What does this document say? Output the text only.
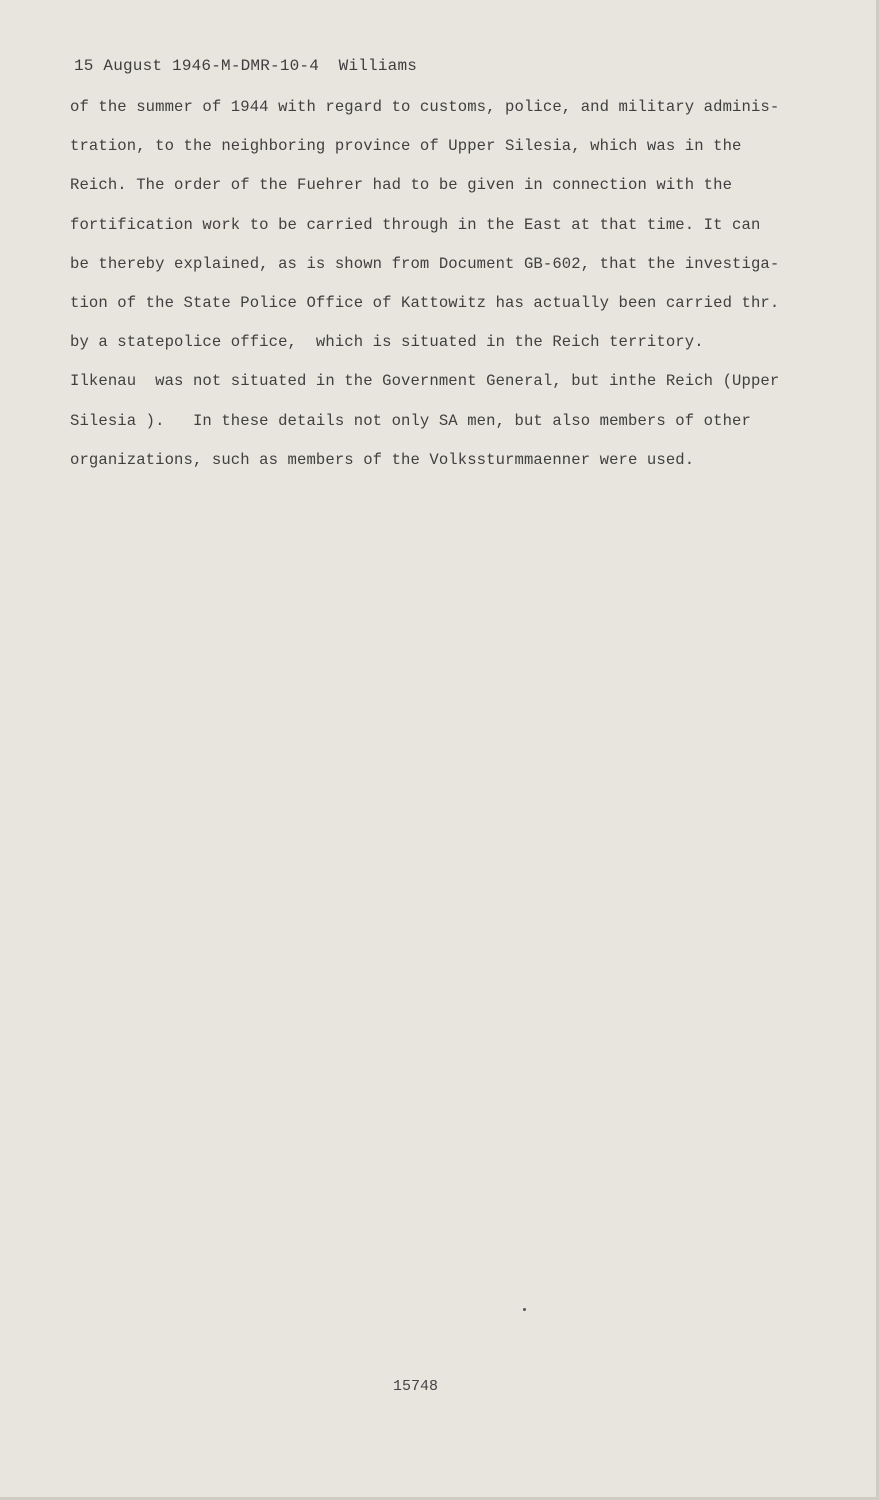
15 August 1946-M-DMR-10-4  Williams
of the summer of 1944 with regard to customs, police, and military adminis-
tration, to the neighboring province of Upper Silesia, which was in the
Reich. The order of the Fuehrer had to be given in connection with the
fortification work to be carried through in the East at that time. It can
be thereby explained, as is shown from Document GB-602, that the investiga-
tion of the State Police Office of Kattowitz has actually been carried thr.
by a statepolice office,  which is situated in the Reich territory.
Ilkenau  was not situated in the Government General, but inthe Reich (Upper
Silesia ).   In these details not only SA men, but also members of other
organizations, such as members of the Volkssturmmaenner were used.
15748
